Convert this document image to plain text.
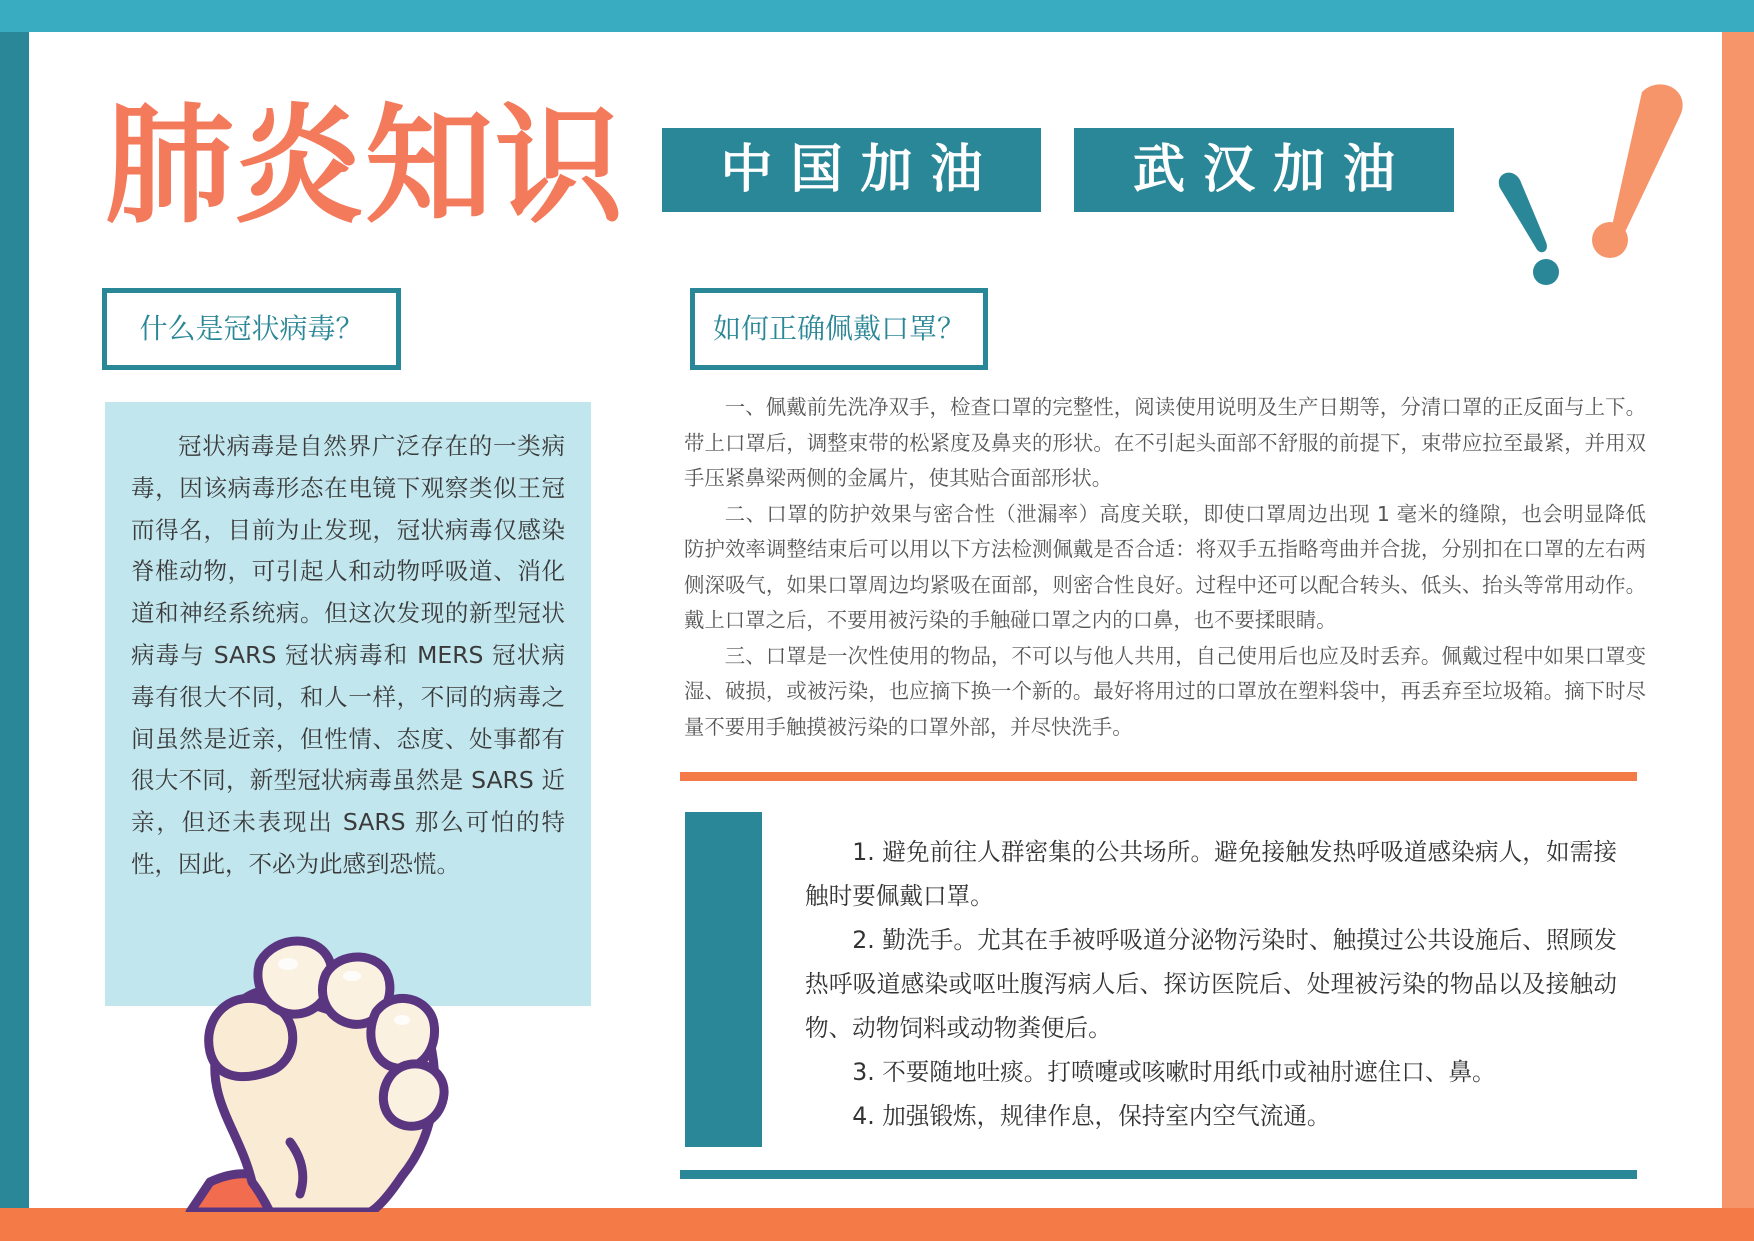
肺炎知识	中国加油	武汉加油
什么是冠状病毒？

冠状病毒是自然界广泛存在的一类病毒，因该病毒形态在电镜下观察类似王冠而得名，目前为止发现，冠状病毒仅感染脊椎动物，可引起人和动物呼吸道、消化道和神经系统病。但这次发现的新型冠状病毒与 SARS 冠状病毒和 MERS 冠状病毒有很大不同，和人一样，不同的病毒之间虽然是近亲，但性情、态度、处事都有很大不同，新型冠状病毒虽然是 SARS 近亲，但还未表现出 SARS 那么可怕的特性，因此，不必为此感到恐慌。

如何正确佩戴口罩？

一、佩戴前先洗净双手，检查口罩的完整性，阅读使用说明及生产日期等，分清口罩的正反面与上下。带上口罩后，调整束带的松紧度及鼻夹的形状。在不引起头面部不舒服的前提下，束带应拉至最紧，并用双手压紧鼻梁两侧的金属片，使其贴合面部形状。

二、口罩的防护效果与密合性（泄漏率）高度关联，即使口罩周边出现 1 毫米的缝隙，也会明显降低防护效率调整结束后可以用以下方法检测佩戴是否合适：将双手五指略弯曲并合拢，分别扣在口罩的左右两侧深吸气，如果口罩周边均紧吸在面部，则密合性良好。过程中还可以配合转头、低头、抬头等常用动作。戴上口罩之后，不要用被污染的手触碰口罩之内的口鼻，也不要揉眼睛。

三、口罩是一次性使用的物品，不可以与他人共用，自己使用后也应及时丢弃。佩戴过程中如果口罩变湿、破损，或被污染，也应摘下换一个新的。最好将用过的口罩放在塑料袋中，再丢弃至垃圾箱。摘下时尽量不要用手触摸被污染的口罩外部，并尽快洗手。

1. 避免前往人群密集的公共场所。避免接触发热呼吸道感染病人，如需接触时要佩戴口罩。

2. 勤洗手。尤其在手被呼吸道分泌物污染时、触摸过公共设施后、照顾发热呼吸道感染或呕吐腹泻病人后、探访医院后、处理被污染的物品以及接触动物、动物饲料或动物粪便后。

3. 不要随地吐痰。打喷嚏或咳嗽时用纸巾或袖肘遮住口、鼻。

4. 加强锻炼，规律作息，保持室内空气流通。
